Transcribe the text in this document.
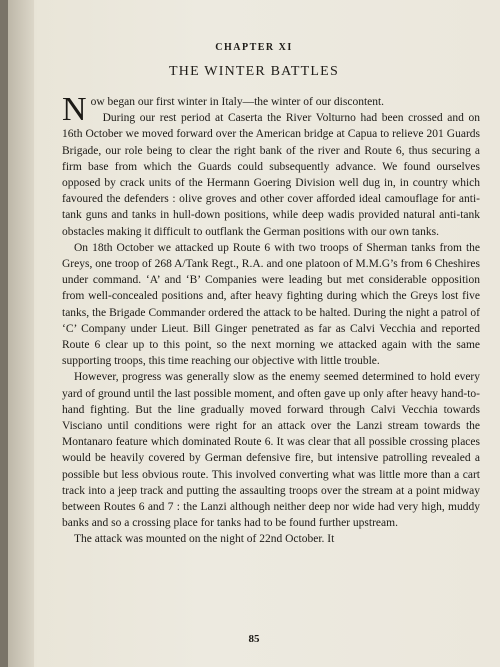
CHAPTER XI
THE WINTER BATTLES

Now began our first winter in Italy—the winter of our discontent.

During our rest period at Caserta the River Volturno had been crossed and on 16th October we moved forward over the American bridge at Capua to relieve 201 Guards Brigade, our role being to clear the right bank of the river and Route 6, thus securing a firm base from which the Guards could subsequently advance. We found ourselves opposed by crack units of the Hermann Goering Division well dug in, in country which favoured the defenders : olive groves and other cover afforded ideal camouflage for anti-tank guns and tanks in hull-down positions, while deep wadis provided natural anti-tank obstacles making it difficult to outflank the German positions with our own tanks.

On 18th October we attacked up Route 6 with two troops of Sherman tanks from the Greys, one troop of 268 A/Tank Regt., R.A. and one platoon of M.M.G’s from 6 Cheshires under command. ‘A’ and ‘B’ Companies were leading but met considerable opposition from well-concealed positions and, after heavy fighting during which the Greys lost five tanks, the Brigade Commander ordered the attack to be halted. During the night a patrol of ‘C’ Company under Lieut. Bill Ginger penetrated as far as Calvi Vecchia and reported Route 6 clear up to this point, so the next morning we attacked again with the same supporting troops, this time reaching our objective with little trouble.

However, progress was generally slow as the enemy seemed determined to hold every yard of ground until the last possible moment, and often gave up only after heavy hand-to-hand fighting. But the line gradually moved forward through Calvi Vecchia towards Visciano until conditions were right for an attack over the Lanzi stream towards the Montanaro feature which dominated Route 6. It was clear that all possible crossing places would be heavily covered by German defensive fire, but intensive patrolling revealed a possible but less obvious route. This involved converting what was little more than a cart track into a jeep track and putting the assaulting troops over the stream at a point midway between Routes 6 and 7 : the Lanzi although neither deep nor wide had very high, muddy banks and so a crossing place for tanks had to be found further upstream.

The attack was mounted on the night of 22nd October. It

85
